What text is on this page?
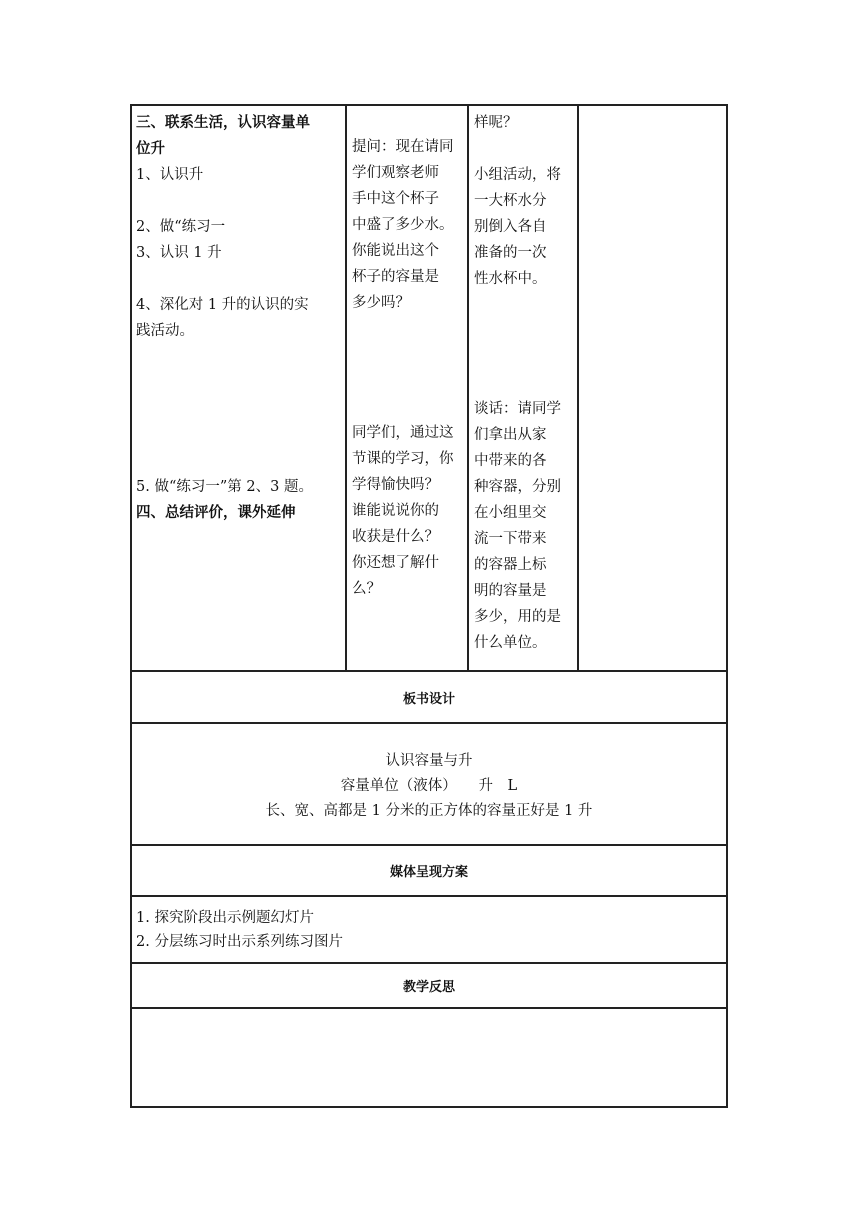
三、联系生活，认识容量单
位升
1、认识升
2、做“练习一
3、认识 1 升
4、深化对 1 升的认识的实
践活动。
5. 做“练习一”第 2、3 题。
四、总结评价，课外延伸
提问：现在请同
学们观察老师
手中这个杯子
中盛了多少水。
你能说出这个
杯子的容量是
多少吗？
同学们，通过这
节课的学习，你
学得愉快吗？
谁能说说你的
收获是什么？
你还想了解什
么？
样呢？
小组活动，将
一大杯水分
别倒入各自
准备的一次
性水杯中。
谈话：请同学
们拿出从家
中带来的各
种容器，分别
在小组里交
流一下带来
的容器上标
明的容量是
多少，用的是
什么单位。
板书设计
认识容量与升
容量单位（液体）　　升　L
长、宽、高都是 1 分米的正方体的容量正好是 1 升
媒体呈现方案
1. 探究阶段出示例题幻灯片
2. 分层练习时出示系列练习图片
教学反思
